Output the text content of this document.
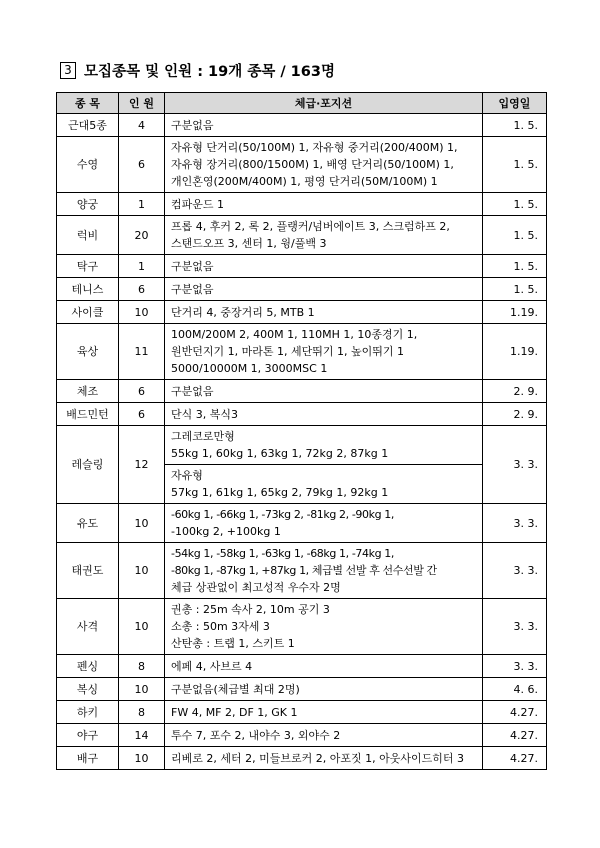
3 모집종목 및 인원 : 19개 종목 / 163명
종 목	인 원	체급·포지션	입영일
근대5종	4	구분없음	1. 5.
수영	6	자유형 단거리(50/100M) 1, 자유형 중거리(200/400M) 1,
자유형 장거리(800/1500M) 1, 배영 단거리(50/100M) 1,
개인혼영(200M/400M) 1, 평영 단거리(50M/100M) 1	1. 5.
양궁	1	컴파운드 1	1. 5.
럭비	20	프롭 4, 후커 2, 록 2, 플랭커/넘버에이트 3, 스크럼하프 2,
스탠드오프 3, 센터 1, 윙/풀백 3	1. 5.
탁구	1	구분없음	1. 5.
테니스	6	구분없음	1. 5.
사이클	10	단거리 4, 중장거리 5, MTB 1	1.19.
육상	11	100M/200M 2, 400M 1, 110MH 1, 10종경기 1,
원반던지기 1, 마라톤 1, 세단뛰기 1, 높이뛰기 1
5000/10000M 1, 3000MSC 1	1.19.
체조	6	구분없음	2. 9.
배드민턴	6	단식 3, 복식3	2. 9.
레슬링	12	그레코로만형
55kg 1, 60kg 1, 63kg 1, 72kg 2, 87kg 1
자유형
57kg 1, 61kg 1, 65kg 2, 79kg 1, 92kg 1	3. 3.
유도	10	-60kg 1, -66kg 1, -73kg 2, -81kg 2, -90kg 1,
-100kg 2, +100kg 1	3. 3.
태권도	10	-54kg 1, -58kg 1, -63kg 1, -68kg 1, -74kg 1,
-80kg 1, -87kg 1, +87kg 1, 체급별 선발 후 선수선발 간
체급 상관없이 최고성적 우수자 2명	3. 3.
사격	10	권총 : 25m 속사 2, 10m 공기 3
소총 : 50m 3자세 3
산탄총 : 트랩 1, 스키트 1	3. 3.
펜싱	8	에페 4, 사브르 4	3. 3.
복싱	10	구분없음(체급별 최대 2명)	4. 6.
하키	8	FW 4, MF 2, DF 1, GK 1	4.27.
야구	14	투수 7, 포수 2, 내야수 3, 외야수 2	4.27.
배구	10	리베로 2, 세터 2, 미들브로커 2, 아포짓 1, 아웃사이드히터 3	4.27.
